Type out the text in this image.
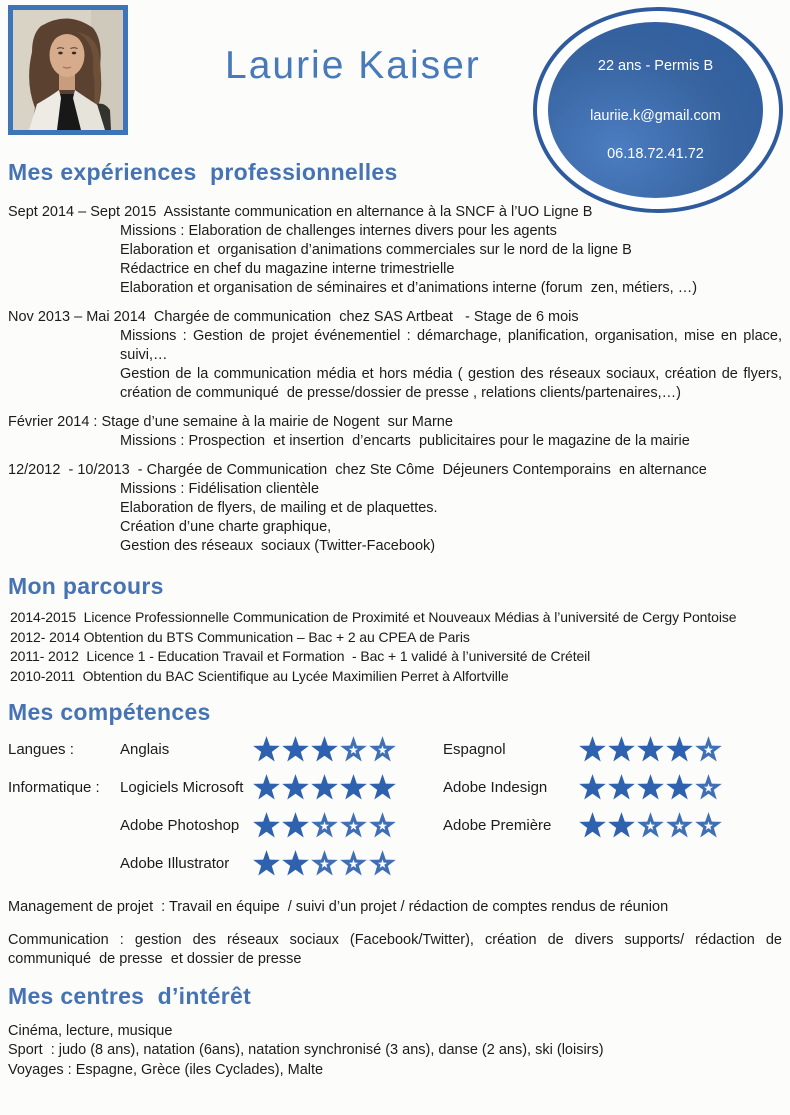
Laurie Kaiser	22 ans - Permis B
lauriie.k@gmail.com
06.18.72.41.72
Mes expériences  professionnelles
Sept 2014 – Sept 2015  Assistante communication en alternance à la SNCF à l’UO Ligne B
Missions : Elaboration de challenges internes divers pour les agents
Elaboration et  organisation d’animations commerciales sur le nord de la ligne B
Rédactrice en chef du magazine interne trimestrielle
Elaboration et organisation de séminaires et d’animations interne (forum  zen, métiers, …)
Nov 2013 – Mai 2014  Chargée de communication  chez SAS Artbeat   - Stage de 6 mois
Missions : Gestion de projet événementiel : démarchage, planification, organisation, mise en place, suivi,…
Gestion de la communication média et hors média ( gestion des réseaux sociaux, création de flyers, création de communiqué  de presse/dossier de presse , relations clients/partenaires,…)
Février 2014 : Stage d’une semaine à la mairie de Nogent  sur Marne
Missions : Prospection  et insertion  d’encarts  publicitaires pour le magazine de la mairie
12/2012  - 10/2013  - Chargée de Communication  chez Ste Côme  Déjeuners Contemporains  en alternance
Missions : Fidélisation clientèle
Elaboration de flyers, de mailing et de plaquettes.
Création d’une charte graphique,
Gestion des réseaux  sociaux (Twitter-Facebook)
Mon parcours
2014-2015  Licence Professionnelle Communication de Proximité et Nouveaux Médias à l’université de Cergy Pontoise
2012- 2014 Obtention du BTS Communication – Bac + 2 au CPEA de Paris
2011- 2012  Licence 1 - Education Travail et Formation  - Bac + 1 validé à l’université de Créteil
2010-2011  Obtention du BAC Scientifique au Lycée Maximilien Perret à Alfortville
Mes compétences
Langues :	Anglais	Espagnol
Informatique :	Logiciels Microsoft	Adobe Indesign
Adobe Photoshop	Adobe Première
Adobe Illustrator
Management de projet  : Travail en équipe  / suivi d’un projet / rédaction de comptes rendus de réunion
Communication : gestion des réseaux sociaux (Facebook/Twitter), création de divers supports/ rédaction de communiqué  de presse  et dossier de presse
Mes centres  d’intérêt
Cinéma, lecture, musique
Sport  : judo (8 ans), natation (6ans), natation synchronisé (3 ans), danse (2 ans), ski (loisirs)
Voyages : Espagne, Grèce (iles Cyclades), Malte
